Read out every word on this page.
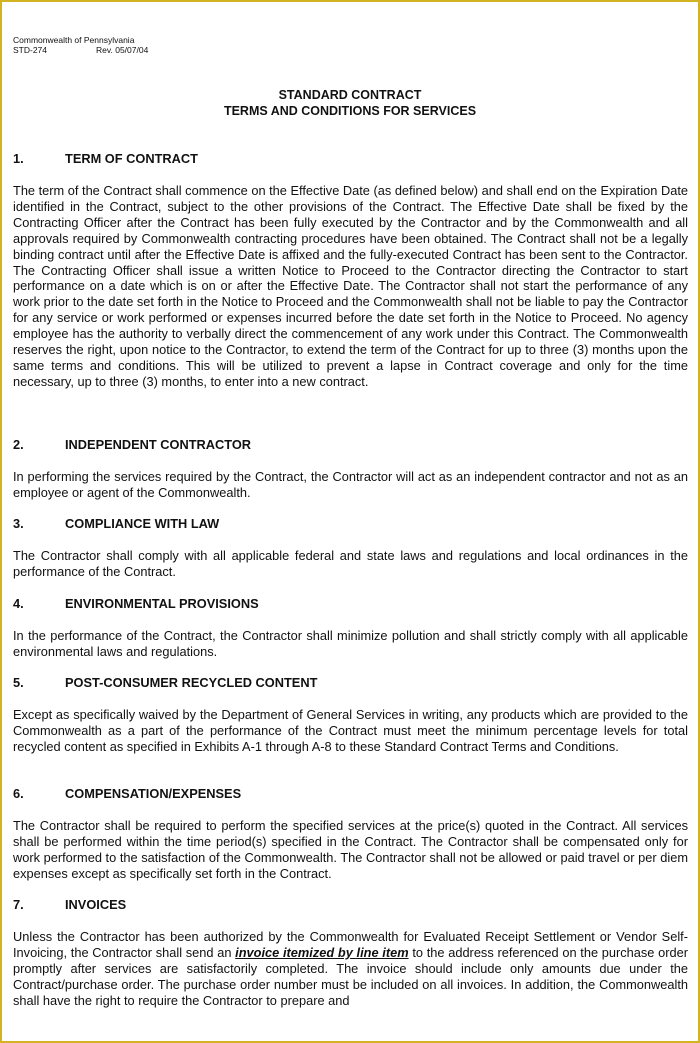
Commonwealth of Pennsylvania
STD-274	Rev. 05/07/04
STANDARD CONTRACT
TERMS AND CONDITIONS FOR SERVICES
1.	TERM OF CONTRACT
The term of the Contract shall commence on the Effective Date (as defined below) and shall end on the Expiration Date identified in the Contract, subject to the other provisions of the Contract. The Effective Date shall be fixed by the Contracting Officer after the Contract has been fully executed by the Contractor and by the Commonwealth and all approvals required by Commonwealth contracting procedures have been obtained. The Contract shall not be a legally binding contract until after the Effective Date is affixed and the fully-executed Contract has been sent to the Contractor. The Contracting Officer shall issue a written Notice to Proceed to the Contractor directing the Contractor to start performance on a date which is on or after the Effective Date. The Contractor shall not start the performance of any work prior to the date set forth in the Notice to Proceed and the Commonwealth shall not be liable to pay the Contractor for any service or work performed or expenses incurred before the date set forth in the Notice to Proceed. No agency employee has the authority to verbally direct the commencement of any work under this Contract. The Commonwealth reserves the right, upon notice to the Contractor, to extend the term of the Contract for up to three (3) months upon the same terms and conditions. This will be utilized to prevent a lapse in Contract coverage and only for the time necessary, up to three (3) months, to enter into a new contract.
2.	INDEPENDENT CONTRACTOR
In performing the services required by the Contract, the Contractor will act as an independent contractor and not as an employee or agent of the Commonwealth.
3.	COMPLIANCE WITH LAW
The Contractor shall comply with all applicable federal and state laws and regulations and local ordinances in the performance of the Contract.
4.	ENVIRONMENTAL PROVISIONS
In the performance of the Contract, the Contractor shall minimize pollution and shall strictly comply with all applicable environmental laws and regulations.
5.	POST-CONSUMER RECYCLED CONTENT
Except as specifically waived by the Department of General Services in writing, any products which are provided to the Commonwealth as a part of the performance of the Contract must meet the minimum percentage levels for total recycled content as specified in Exhibits A-1 through A-8 to these Standard Contract Terms and Conditions.
6.	COMPENSATION/EXPENSES
The Contractor shall be required to perform the specified services at the price(s) quoted in the Contract. All services shall be performed within the time period(s) specified in the Contract. The Contractor shall be compensated only for work performed to the satisfaction of the Commonwealth. The Contractor shall not be allowed or paid travel or per diem expenses except as specifically set forth in the Contract.
7.	INVOICES
Unless the Contractor has been authorized by the Commonwealth for Evaluated Receipt Settlement or Vendor Self-Invoicing, the Contractor shall send an invoice itemized by line item to the address referenced on the purchase order promptly after services are satisfactorily completed. The invoice should include only amounts due under the Contract/purchase order. The purchase order number must be included on all invoices. In addition, the Commonwealth shall have the right to require the Contractor to prepare and
